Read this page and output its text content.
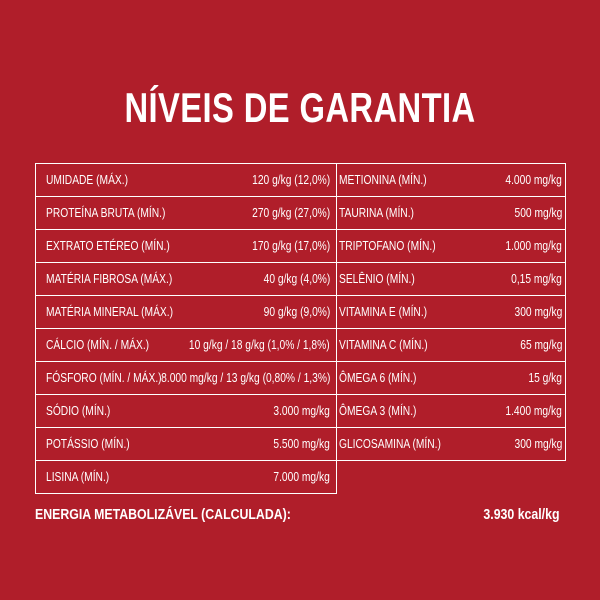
NÍVEIS DE GARANTIA
UMIDADE (MÁX.)	120 g/kg (12,0%)
PROTEÍNA BRUTA (MÍN.)	270 g/kg (27,0%)
EXTRATO ETÉREO (MÍN.)	170 g/kg (17,0%)
MATÉRIA FIBROSA (MÁX.)	40 g/kg (4,0%)
MATÉRIA MINERAL (MÁX.)	90 g/kg (9,0%)
CÁLCIO (MÍN. / MÁX.)	10 g/kg / 18 g/kg (1,0% / 1,8%)
FÓSFORO (MÍN. / MÁX.) 8.000 mg/kg / 13 g/kg (0,80% / 1,3%)
SÓDIO (MÍN.)	3.000 mg/kg
POTÁSSIO (MÍN.)	5.500 mg/kg
LISINA (MÍN.)	7.000 mg/kg
METIONINA (MÍN.)	4.000 mg/kg
TAURINA (MÍN.)	500 mg/kg
TRIPTOFANO (MÍN.)	1.000 mg/kg
SELÊNIO (MÍN.)	0,15 mg/kg
VITAMINA E (MÍN.)	300 mg/kg
VITAMINA C (MÍN.)	65 mg/kg
ÔMEGA 6 (MÍN.)	15 g/kg
ÔMEGA 3 (MÍN.)	1.400 mg/kg
GLICOSAMINA (MÍN.)	300 mg/kg
ENERGIA METABOLIZÁVEL (CALCULADA):	3.930 kcal/kg
